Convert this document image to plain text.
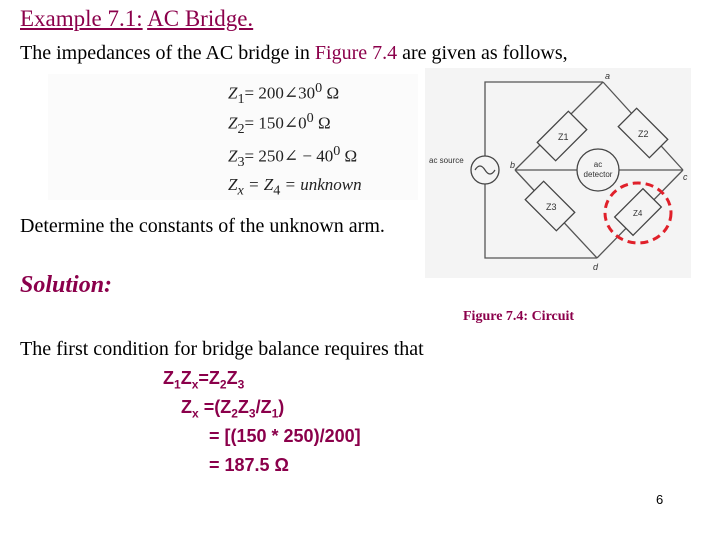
Example 7.1: AC Bridge.
The impedances of the AC bridge in Figure 7.4 are given as follows,
$Z_1=$ $200\angle 30^0$ Ω
$Z_2=$ $150\angle 0^0$ Ω
$Z_3=$ 250∠ − $40^0$ Ω
$Z_x = Z_4$ = unknown
Determine the constants of the unknown arm.
Solution:
Z1	Z2
Z3
Z4
ac source	ac
detector
a
b
c
d
Figure 7.4: Circuit
The first condition for bridge balance requires that
$Z_1Z_x=Z_2Z_3$
$Z_x =(Z_2Z_3/Z_1)$
= [(150 * 250)/200]
= 187.5 Ω
6
